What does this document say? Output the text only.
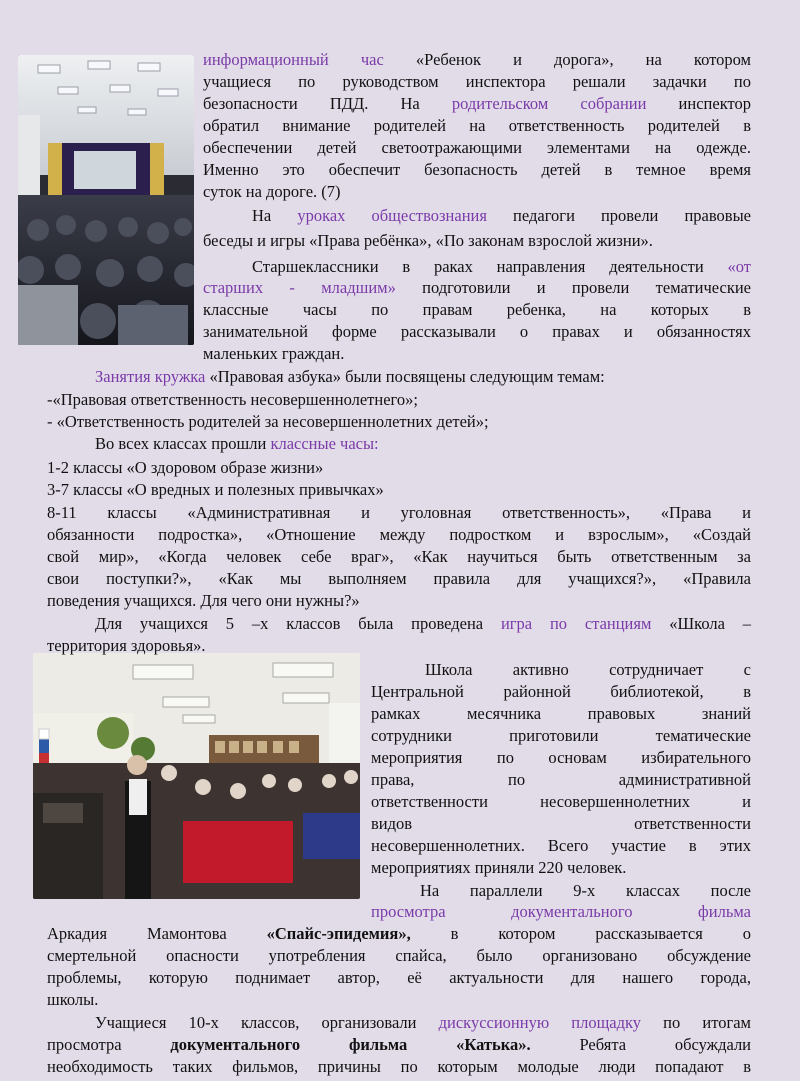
информационный час «Ребенок и дорога», на котором

учащиеся по руководством инспектора решали задачки по

безопасности ПДД. На родительском собрании инспектор

обратил внимание родителей на ответственность родителей в

обеспечении детей светоотражающими элементами на одежде.

Именно это обеспечит безопасность детей в темное время

суток на дороге. (7)

На уроках обществознания педагоги провели правовые

беседы и игры «Права ребёнка», «По законам взрослой жизни».

Старшеклассники в раках направления деятельности «от

старших - младшим» подготовили и провели тематические

классные часы по правам ребенка, на которых в

занимательной форме рассказывали о правах и обязанностях

маленьких граждан.

Занятия кружка «Правовая азбука» были посвящены следующим темам:

-«Правовая ответственность несовершеннолетнего»;

- «Ответственность родителей за несовершеннолетних детей»;

Во всех классах прошли классные часы:

1-2 классы «О здоровом образе жизни»

3-7 классы «О вредных и полезных привычках»

8-11 классы «Административная и уголовная ответственность», «Права и

обязанности подростка», «Отношение между подростком и взрослым», «Создай

свой мир», «Когда человек себе враг», «Как научиться быть ответственным за

свои поступки?», «Как мы выполняем правила для учащихся?», «Правила

поведения учащихся. Для чего они нужны?»

Для учащихся 5 –х классов была проведена игра по станциям «Школа –

территория здоровья».

Школа активно сотрудничает с

Центральной районной библиотекой, в

рамках месячника правовых знаний

сотрудники приготовили тематические

мероприятия по основам избирательного

права, по административной

ответственности несовершеннолетних и

видов ответственности

несовершеннолетних. Всего участие в этих

мероприятиях приняли 220 человек.

На параллели 9-х классах после

просмотра документального фильма

Аркадия Мамонтова «Спайс-эпидемия», в котором рассказывается о

смертельной опасности употребления спайса, было организовано обсуждение

проблемы, которую поднимает автор, её актуальности для нашего города,

школы.

Учащиеся 10-х классов, организовали дискуссионную площадку по итогам

просмотра документального фильма «Катька». Ребята обсуждали

необходимость таких фильмов, причины по которым молодые люди попадают в
